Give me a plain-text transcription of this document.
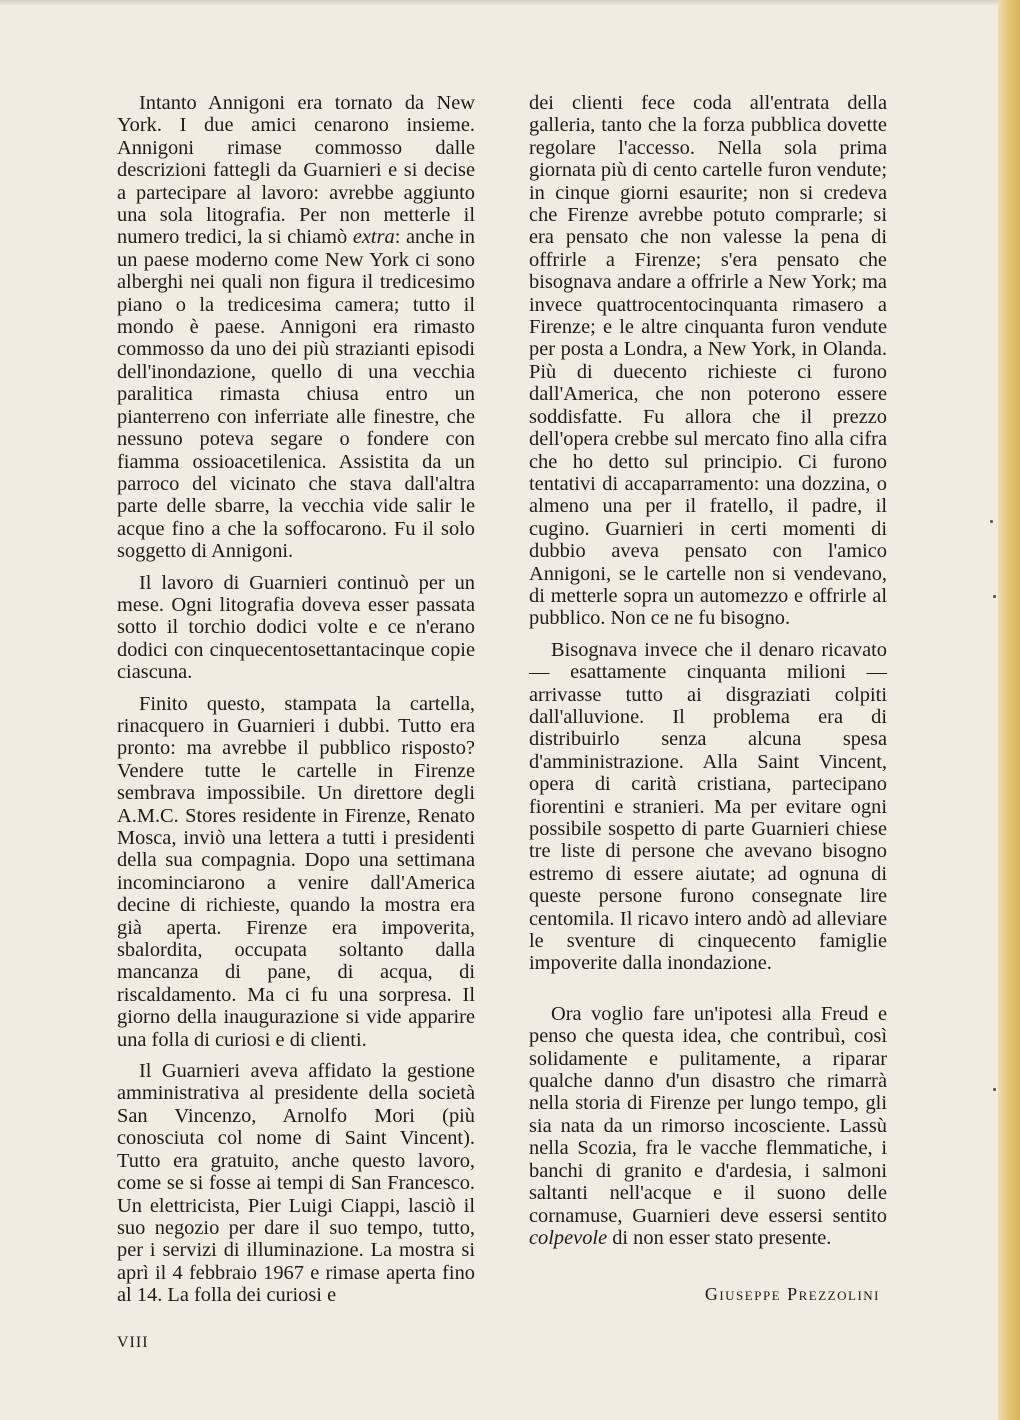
Intanto Annigoni era tornato da New York. I due amici cenarono insieme. Annigoni rimase commosso dalle descrizioni fattegli da Guarnieri e si decise a partecipare al lavoro: avrebbe aggiunto una sola litografia. Per non metterle il numero tredici, la si chiamò extra: anche in un paese moderno come New York ci sono alberghi nei quali non figura il tredicesimo piano o la tredicesima camera; tutto il mondo è paese. Annigoni era rimasto commosso da uno dei più strazianti episodi dell'inondazione, quello di una vecchia paralitica rimasta chiusa entro un pianterreno con inferriate alle finestre, che nessuno poteva segare o fondere con fiamma ossioacetilenica. Assistita da un parroco del vicinato che stava dall'altra parte delle sbarre, la vecchia vide salir le acque fino a che la soffocarono. Fu il solo soggetto di Annigoni.

Il lavoro di Guarnieri continuò per un mese. Ogni litografia doveva esser passata sotto il torchio dodici volte e ce n'erano dodici con cinquecentosettantacinque copie ciascuna.

Finito questo, stampata la cartella, rinacquero in Guarnieri i dubbi. Tutto era pronto: ma avrebbe il pubblico risposto? Vendere tutte le cartelle in Firenze sembrava impossibile. Un direttore degli A.M.C. Stores residente in Firenze, Renato Mosca, inviò una lettera a tutti i presidenti della sua compagnia. Dopo una settimana incominciarono a venire dall'America decine di richieste, quando la mostra era già aperta. Firenze era impoverita, sbalordita, occupata soltanto dalla mancanza di pane, di acqua, di riscaldamento. Ma ci fu una sorpresa. Il giorno della inaugurazione si vide apparire una folla di curiosi e di clienti.

Il Guarnieri aveva affidato la gestione amministrativa al presidente della società San Vincenzo, Arnolfo Mori (più conosciuta col nome di Saint Vincent). Tutto era gratuito, anche questo lavoro, come se si fosse ai tempi di San Francesco. Un elettricista, Pier Luigi Ciappi, lasciò il suo negozio per dare il suo tempo, tutto, per i servizi di illuminazione. La mostra si aprì il 4 febbraio 1967 e rimase aperta fino al 14. La folla dei curiosi e

dei clienti fece coda all'entrata della galleria, tanto che la forza pubblica dovette regolare l'accesso. Nella sola prima giornata più di cento cartelle furon vendute; in cinque giorni esaurite; non si credeva che Firenze avrebbe potuto comprarle; si era pensato che non valesse la pena di offrirle a Firenze; s'era pensato che bisognava andare a offrirle a New York; ma invece quattrocentocinquanta rimasero a Firenze; e le altre cinquanta furon vendute per posta a Londra, a New York, in Olanda. Più di duecento richieste ci furono dall'America, che non poterono essere soddisfatte. Fu allora che il prezzo dell'opera crebbe sul mercato fino alla cifra che ho detto sul principio. Ci furono tentativi di accaparramento: una dozzina, o almeno una per il fratello, il padre, il cugino. Guarnieri in certi momenti di dubbio aveva pensato con l'amico Annigoni, se le cartelle non si vendevano, di metterle sopra un automezzo e offrirle al pubblico. Non ce ne fu bisogno.

Bisognava invece che il denaro ricavato — esattamente cinquanta milioni — arrivasse tutto ai disgraziati colpiti dall'alluvione. Il problema era di distribuirlo senza alcuna spesa d'amministrazione. Alla Saint Vincent, opera di carità cristiana, partecipano fiorentini e stranieri. Ma per evitare ogni possibile sospetto di parte Guarnieri chiese tre liste di persone che avevano bisogno estremo di essere aiutate; ad ognuna di queste persone furono consegnate lire centomila. Il ricavo intero andò ad alleviare le sventure di cinquecento famiglie impoverite dalla inondazione.

Ora voglio fare un'ipotesi alla Freud e penso che questa idea, che contribuì, così solidamente e pulitamente, a riparar qualche danno d'un disastro che rimarrà nella storia di Firenze per lungo tempo, gli sia nata da un rimorso incosciente. Lassù nella Scozia, fra le vacche flemmatiche, i banchi di granito e d'ardesia, i salmoni saltanti nell'acque e il suono delle cornamuse, Guarnieri deve essersi sentito colpevole di non esser stato presente.

Giuseppe Prezzolini
VIII
